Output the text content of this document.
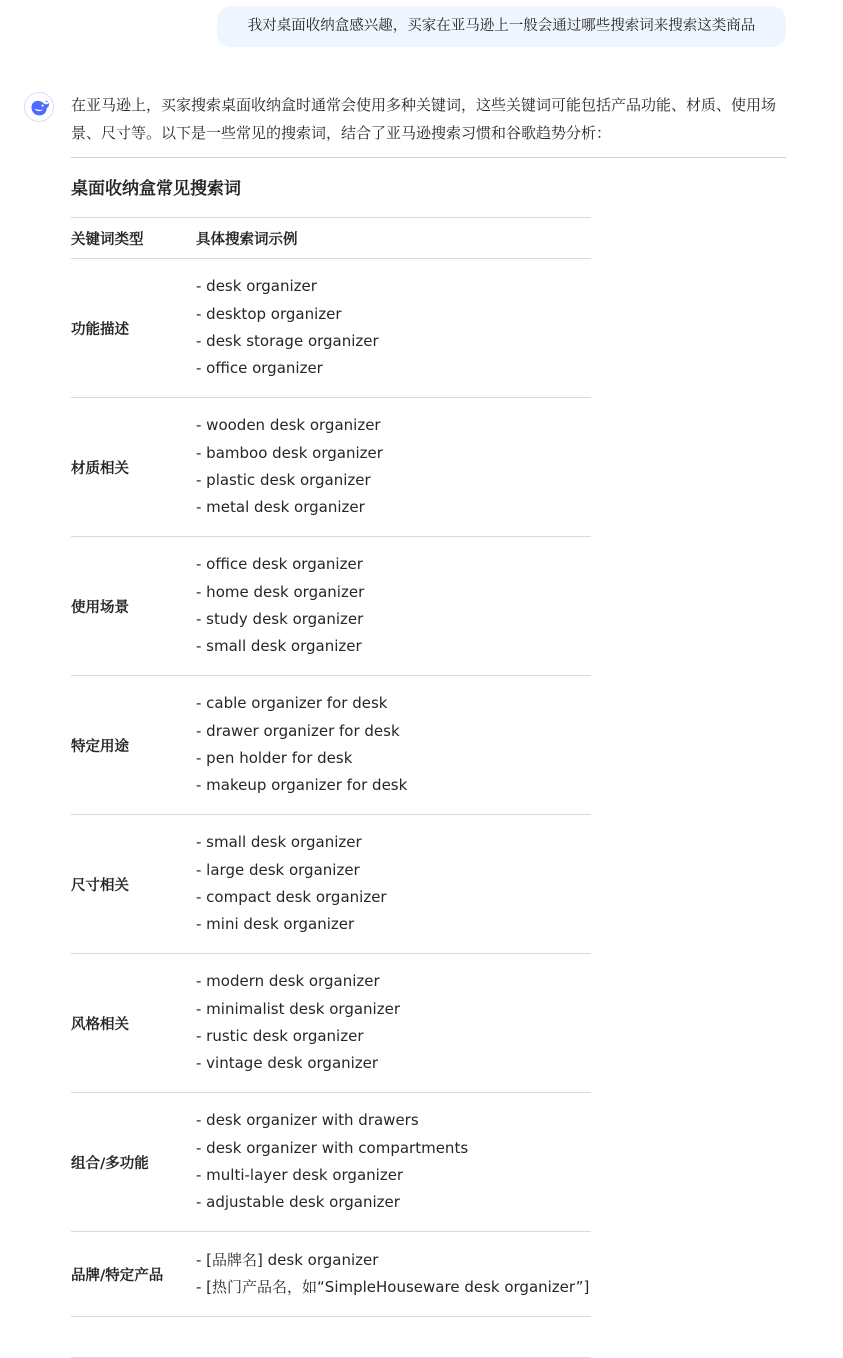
我对桌面收纳盒感兴趣，买家在亚马逊上一般会通过哪些搜索词来搜索这类商品

在亚马逊上，买家搜索桌面收纳盒时通常会使用多种关键词，这些关键词可能包括产品功能、材质、使用场景、尺寸等。以下是一些常见的搜索词，结合了亚马逊搜索习惯和谷歌趋势分析：

桌面收纳盒常见搜索词
关键词类型	具体搜索词示例
功能描述	- desk organizer
- desktop organizer
- desk storage organizer
- office organizer

材质相关	- wooden desk organizer
- bamboo desk organizer
- plastic desk organizer
- metal desk organizer

使用场景	- office desk organizer
- home desk organizer
- study desk organizer
- small desk organizer

特定用途	- cable organizer for desk
- drawer organizer for desk
- pen holder for desk
- makeup organizer for desk

尺寸相关	- small desk organizer
- large desk organizer
- compact desk organizer
- mini desk organizer

风格相关	- modern desk organizer
- minimalist desk organizer
- rustic desk organizer
- vintage desk organizer

组合/多功能	- desk organizer with drawers
- desk organizer with compartments
- multi-layer desk organizer
- adjustable desk organizer

品牌/特定产品	- [品牌名] desk organizer
- [热门产品名，如“SimpleHouseware desk organizer”]
